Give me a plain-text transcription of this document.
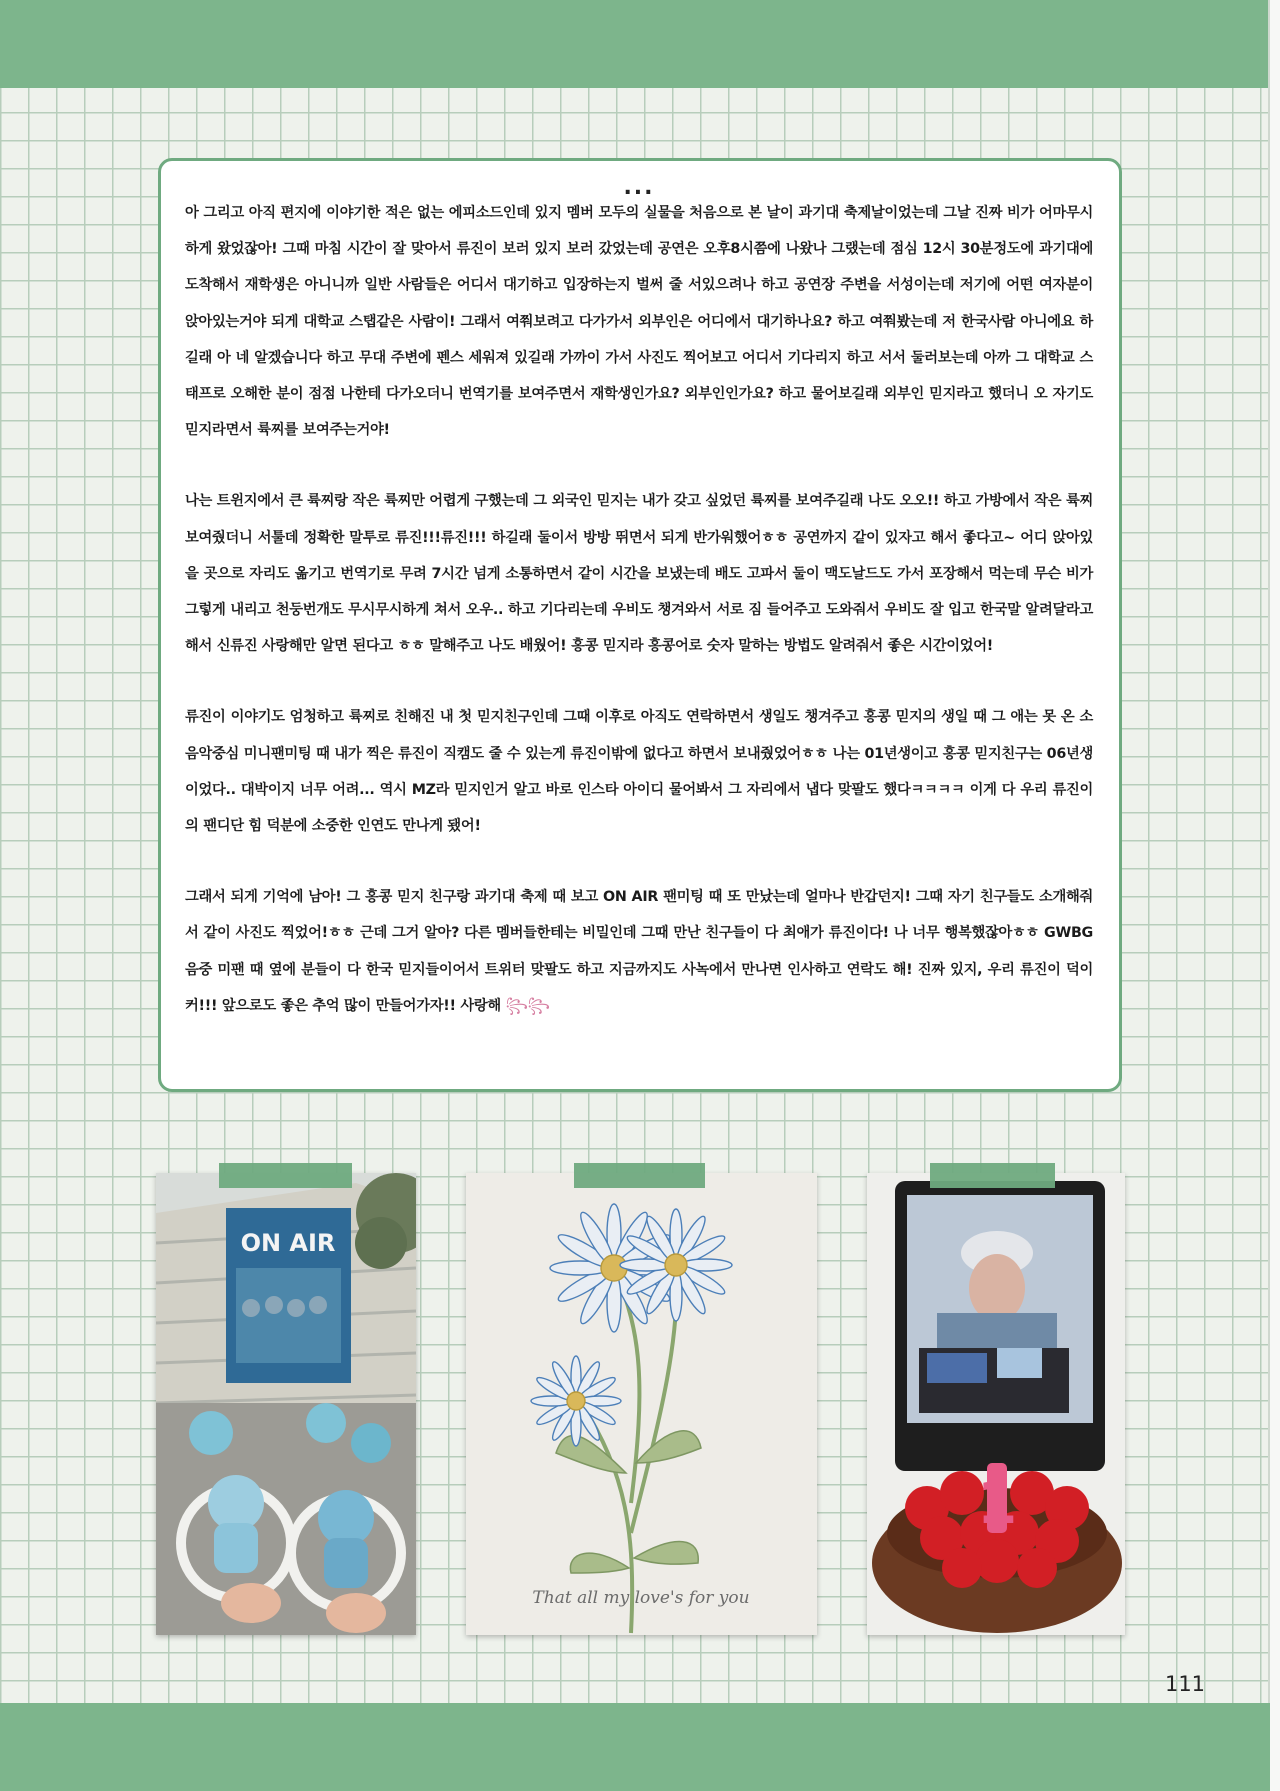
...

아 그리고 아직 편지에 이야기한 적은 없는 에피소드인데 있지 멤버 모두의 실물을 처음으로 본 날이 과기대 축제날이었는데 그날 진짜 비가 어마무시하게 왔었잖아! 그때 마침 시간이 잘 맞아서 류진이 보러 있지 보러 갔었는데 공연은 오후8시쯤에 나왔나 그랬는데 점심 12시 30분정도에 과기대에 도착해서 재학생은 아니니까 일반 사람들은 어디서 대기하고 입장하는지 벌써 줄 서있으려나 하고 공연장 주변을 서성이는데 저기에 어떤 여자분이 앉아있는거야 되게 대학교 스탭같은 사람이! 그래서 여쭤보려고 다가가서 외부인은 어디에서 대기하나요? 하고 여쭤봤는데 저 한국사람 아니에요 하길래 아 네 알겠습니다 하고 무대 주변에 펜스 세워져 있길래 가까이 가서 사진도 찍어보고 어디서 기다리지 하고 서서 둘러보는데 아까 그 대학교 스태프로 오해한 분이 점점 나한테 다가오더니 번역기를 보여주면서 재학생인가요? 외부인인가요? 하고 물어보길래 외부인 믿지라고 했더니 오 자기도 믿지라면서 륙찌를 보여주는거야!

나는 트윈지에서 큰 륙찌랑 작은 륙찌만 어렵게 구했는데 그 외국인 믿지는 내가 갖고 싶었던 륙찌를 보여주길래 나도 오오!! 하고 가방에서 작은 륙찌 보여줬더니 서툴데 정확한 말투로 류진!!!류진!!! 하길래 둘이서 방방 뛰면서 되게 반가워했어ㅎㅎ 공연까지 같이 있자고 해서 좋다고~ 어디 앉아있을 곳으로 자리도 옮기고 번역기로 무려 7시간 넘게 소통하면서 같이 시간을 보냈는데 배도 고파서 둘이 맥도날드도 가서 포장해서 먹는데 무슨 비가 그렇게 내리고 천둥번개도 무시무시하게 쳐서 오우.. 하고 기다리는데 우비도 챙겨와서 서로 짐 들어주고 도와줘서 우비도 잘 입고 한국말 알려달라고 해서 신류진 사랑해만 알면 된다고 ㅎㅎ 말해주고 나도 배웠어! 홍콩 믿지라 홍콩어로 숫자 말하는 방법도 알려줘서 좋은 시간이었어!

류진이 이야기도 엄청하고 륙찌로 친해진 내 첫 믿지친구인데 그때 이후로 아직도 연락하면서 생일도 챙겨주고 홍콩 믿지의 생일 때 그 애는 못 온 소음악중심 미니팬미팅 때 내가 찍은 류진이 직캠도 줄 수 있는게 류진이밖에 없다고 하면서 보내줬었어ㅎㅎ 나는 01년생이고 홍콩 믿지친구는 06년생이었다.. 대박이지 너무 어려... 역시 MZ라 믿지인거 알고 바로 인스타 아이디 물어봐서 그 자리에서 냅다 맞팔도 했다ㅋㅋㅋㅋ 이게 다 우리 류진이의 팬디단 힘 덕분에 소중한 인연도 만나게 됐어!

그래서 되게 기억에 남아! 그 홍콩 믿지 친구랑 과기대 축제 때 보고 ON AIR 팬미팅 때 또 만났는데 얼마나 반갑던지! 그때 자기 친구들도 소개해줘서 같이 사진도 찍었어!ㅎㅎ 근데 그거 알아? 다른 멤버들한테는 비밀인데 그때 만난 친구들이 다 최애가 류진이다! 나 너무 행복했잖아ㅎㅎ GWBG 음중 미팬 때 옆에 분들이 다 한국 믿지들이어서 트위터 맞팔도 하고 지금까지도 사녹에서 만나면 인사하고 연락도 해! 진짜 있지, 우리 류진이 덕이 커!!! 앞으로도 좋은 추억 많이 만들어가자!! 사랑해 ꧂꧂

ON AIR
That all my love's for you
1
111
